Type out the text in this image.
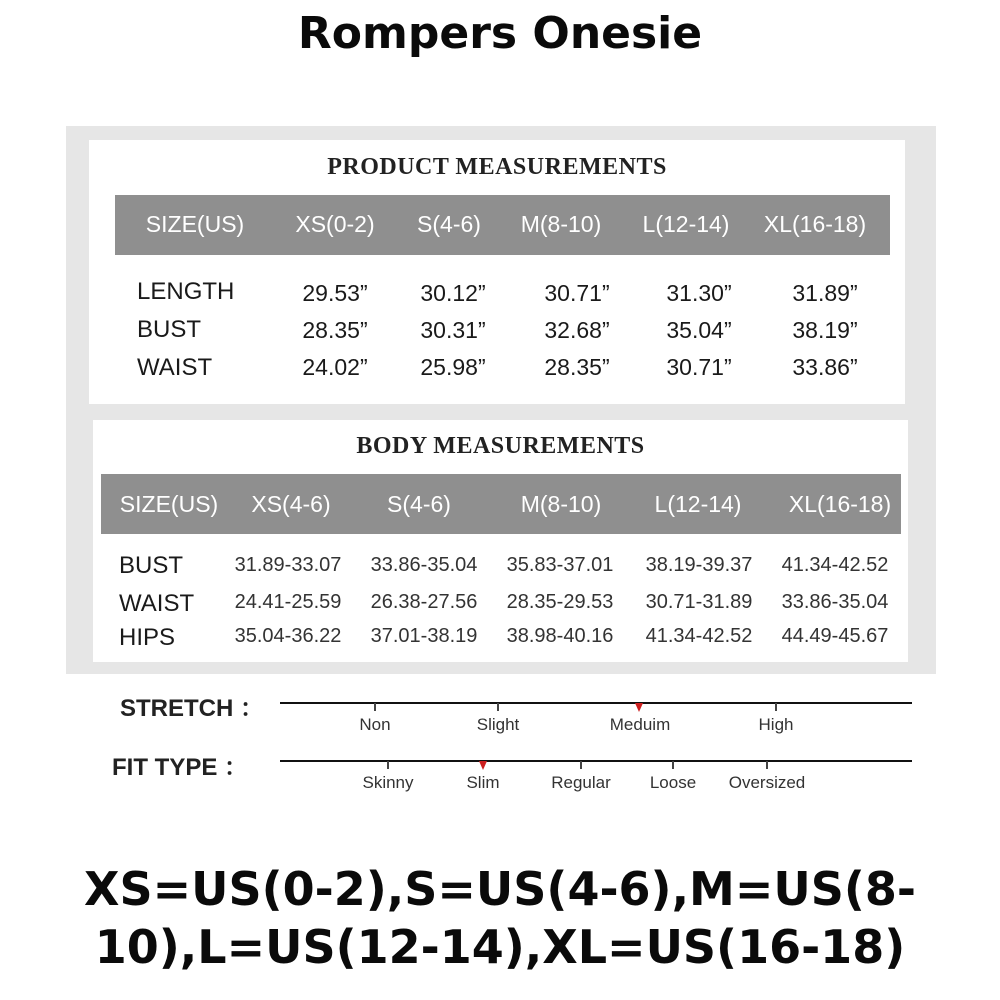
Rompers Onesie
PRODUCT MEASUREMENTS
SIZE(US) XS(0-2) S(4-6) M(8-10) L(12-14) XL(16-18)
LENGTH	29.53” 30.12”	30.71” 31.30”	31.89”
BUST	28.35” 30.31”	32.68” 35.04”	38.19”
WAIST	24.02” 25.98”	28.35” 30.71”	33.86”
BODY MEASUREMENTS
SIZE(US) XS(4-6) S(4-6)	M(8-10) L(12-14) XL(16-18)
BUST	31.89-33.07 33.86-35.04 35.83-37.01 38.19-39.37 41.34-42.52
WAIST 24.41-25.59 26.38-27.56 28.35-29.53 30.71-31.89 33.86-35.04
HIPS	35.04-36.22 37.01-38.19 38.98-40.16 41.34-42.52 44.49-45.67
STRETCH ：
Non	Slight	Meduim	High
FIT TYPE ：
Skinny	Slim	Regular Loose Oversized
XS=US(0-2),S=US(4-6),M=US(8-
10),L=US(12-14),XL=US(16-18)
